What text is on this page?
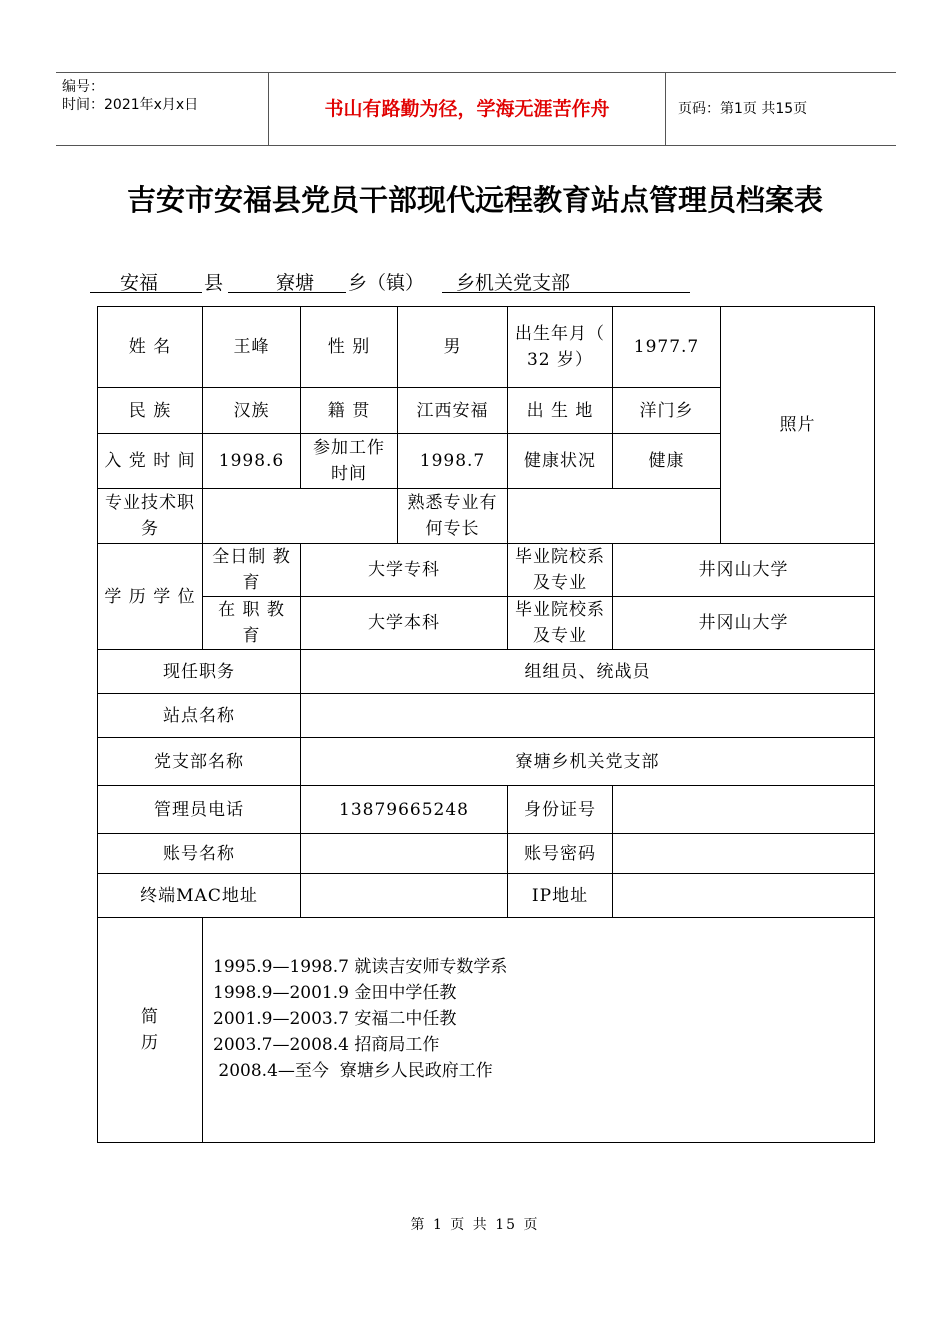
编号：
时间：2021年x月x日	书山有路勤为径，学海无涯苦作舟	页码：第1页 共15页
吉安市安福县党员干部现代远程教育站点管理员档案表
安福 县	寮塘 乡（镇） 乡机关党支部
姓 名	王峰	性 别	男	出生年月（ 32 岁）	1977.7	照片
民 族	汉族	籍 贯	江西安福	出 生 地	洋门乡	
入 党 时 间	1998.6	参加工作时间	1998.7	健康状况	健康	
专业技术职务			熟悉专业有何专长			
学 历 学 位	全日制 教 育	大学专科		毕业院校系及专业	井冈山大学	
	在 职 教 育	大学本科		毕业院校系及专业	井冈山大学	
现任职务		组组员、统战员				
站点名称						
党支部名称		寮塘乡机关党支部				
管理员电话		13879665248		身份证号		
账号名称				账号密码		
终端MAC地址				IP地址		
简 历	1995.9—1998.7 就读吉安师专数学系
1998.9—2001.9 金田中学任教
2001.9—2003.7 安福二中任教
2003.7—2008.4 招商局工作
2008.4—至今  寮塘乡人民政府工作					
第 1 页 共 15 页
